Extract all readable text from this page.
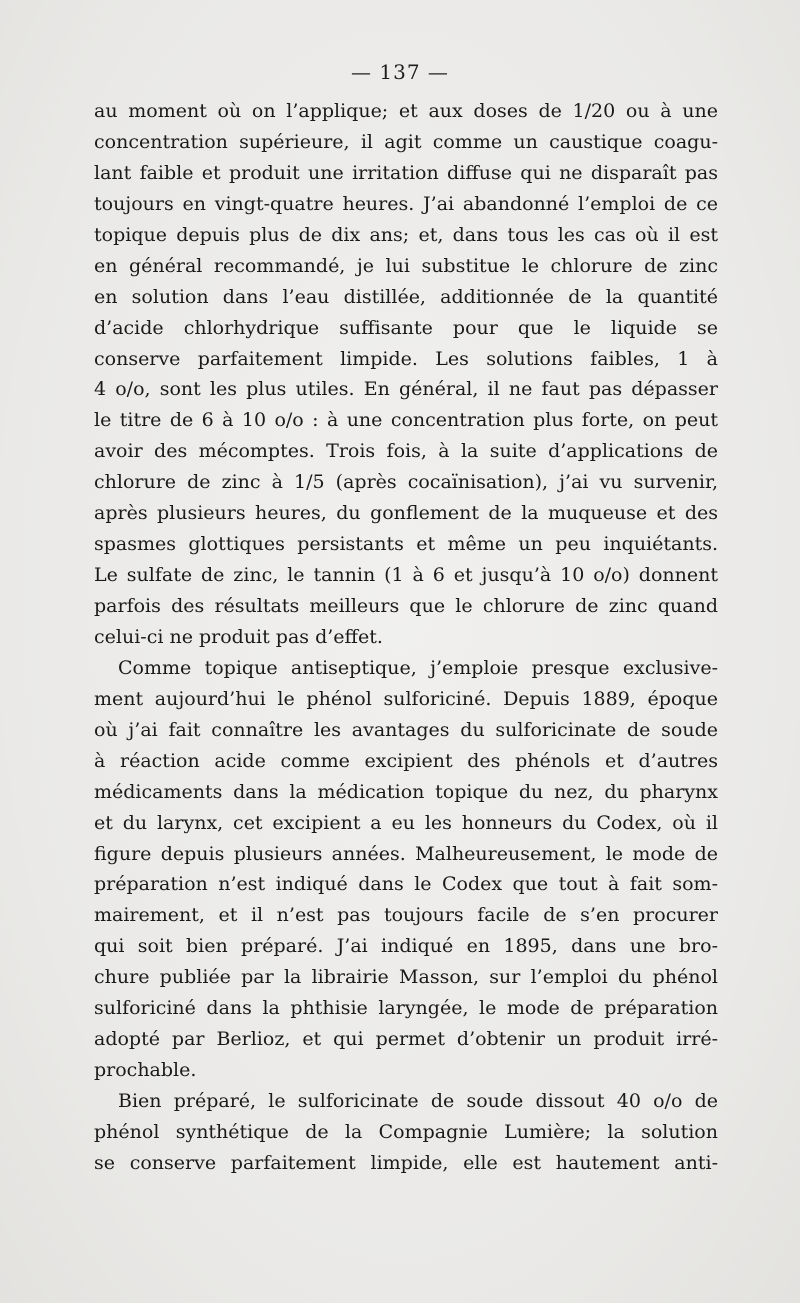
— 137 —
au moment où on l’applique; et aux doses de 1/20 ou à une
concentration supérieure, il agit comme un caustique coagu-
lant faible et produit une irritation diffuse qui ne disparaît pas
toujours en vingt-quatre heures. J’ai abandonné l’emploi de ce
topique depuis plus de dix ans; et, dans tous les cas où il est
en général recommandé, je lui substitue le chlorure de zinc
en solution dans l’eau distillée, additionnée de la quantité
d’acide chlorhydrique suffisante pour que le liquide se
conserve parfaitement limpide. Les solutions faibles, 1 à
4 o/o, sont les plus utiles. En général, il ne faut pas dépasser
le titre de 6 à 10 o/o : à une concentration plus forte, on peut
avoir des mécomptes. Trois fois, à la suite d’applications de
chlorure de zinc à 1/5 (après cocaïnisation), j’ai vu survenir,
après plusieurs heures, du gonflement de la muqueuse et des
spasmes glottiques persistants et même un peu inquiétants.
Le sulfate de zinc, le tannin (1 à 6 et jusqu’à 10 o/o) donnent
parfois des résultats meilleurs que le chlorure de zinc quand
celui-ci ne produit pas d’effet.
Comme topique antiseptique, j’emploie presque exclusive-
ment aujourd’hui le phénol sulforiciné. Depuis 1889, époque
où j’ai fait connaître les avantages du sulforicinate de soude
à réaction acide comme excipient des phénols et d’autres
médicaments dans la médication topique du nez, du pharynx
et du larynx, cet excipient a eu les honneurs du Codex, où il
figure depuis plusieurs années. Malheureusement, le mode de
préparation n’est indiqué dans le Codex que tout à fait som-
mairement, et il n’est pas toujours facile de s’en procurer
qui soit bien préparé. J’ai indiqué en 1895, dans une bro-
chure publiée par la librairie Masson, sur l’emploi du phénol
sulforiciné dans la phthisie laryngée, le mode de préparation
adopté par Berlioz, et qui permet d’obtenir un produit irré-
prochable.
Bien préparé, le sulforicinate de soude dissout 40 o/o de
phénol synthétique de la Compagnie Lumière; la solution
se conserve parfaitement limpide, elle est hautement anti-
